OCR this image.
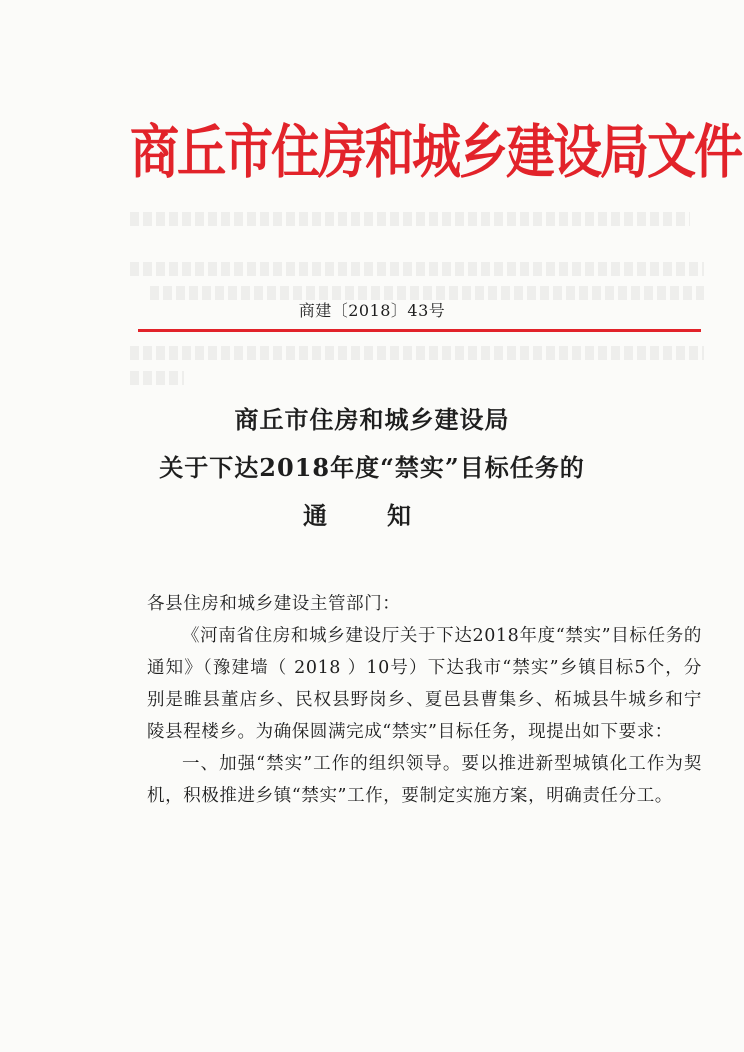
商丘市住房和城乡建设局文件
商建〔2018〕43号
商丘市住房和城乡建设局
关于下达2018年度“禁实”目标任务的
通知

各县住房和城乡建设主管部门：

《河南省住房和城乡建设厅关于下达2018年度“禁实”目标任务的通知》（豫建墙（ 2018 ）10号）下达我市“禁实”乡镇目标5个，分别是睢县董店乡、民权县野岗乡、夏邑县曹集乡、柘城县牛城乡和宁陵县程楼乡。为确保圆满完成“禁实”目标任务，现提出如下要求：

一、加强“禁实”工作的组织领导。要以推进新型城镇化工作为契机，积极推进乡镇“禁实”工作，要制定实施方案，明确责任分工。
